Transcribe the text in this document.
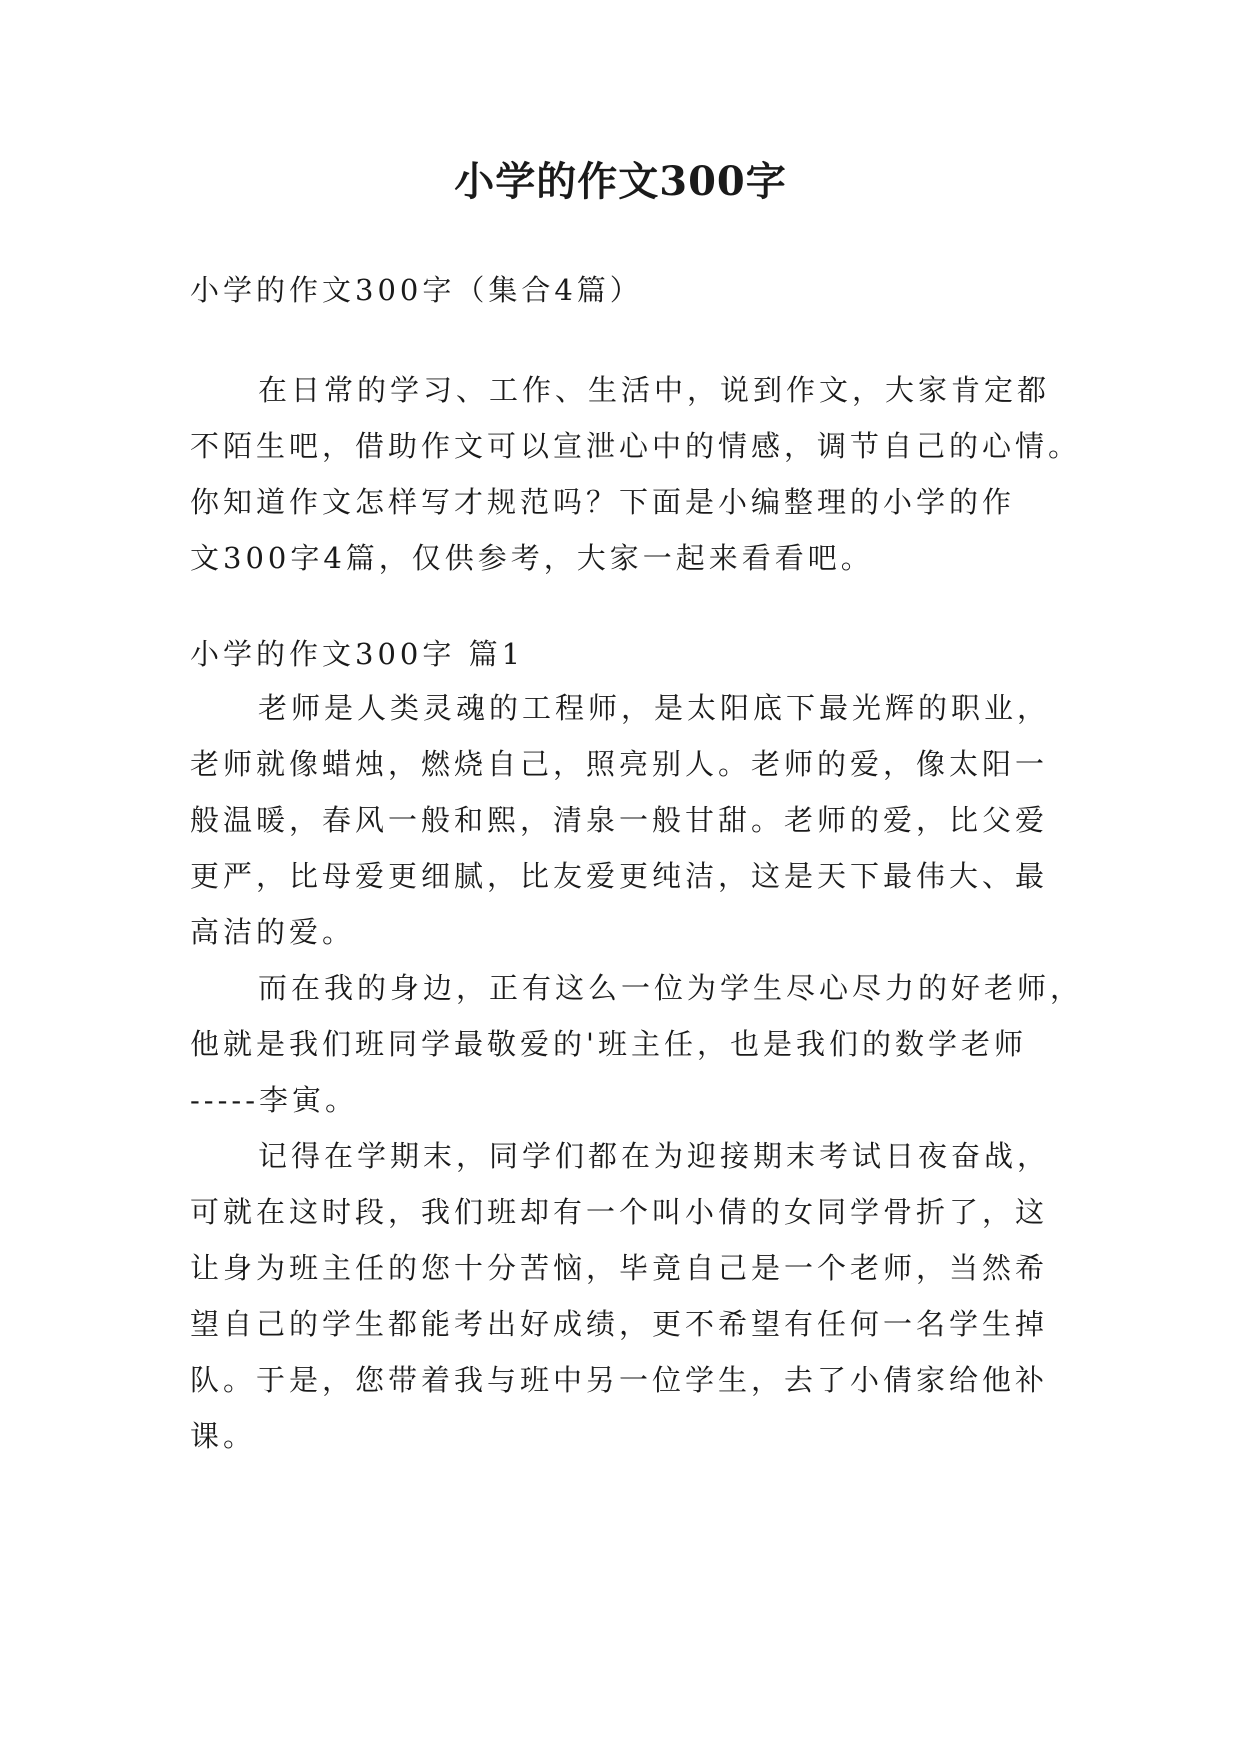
小学的作文300字

小学的作文300字（集合4篇）

在日常的学习、工作、生活中，说到作文，大家肯定都

不陌生吧，借助作文可以宣泄心中的情感，调节自己的心情。

你知道作文怎样写才规范吗？下面是小编整理的小学的作

文300字4篇，仅供参考，大家一起来看看吧。

小学的作文300字 篇1

老师是人类灵魂的工程师，是太阳底下最光辉的职业，

老师就像蜡烛，燃烧自己，照亮别人。老师的爱，像太阳一

般温暖，春风一般和熙，清泉一般甘甜。老师的爱，比父爱

更严，比母爱更细腻，比友爱更纯洁，这是天下最伟大、最

高洁的爱。

而在我的身边，正有这么一位为学生尽心尽力的好老师，

他就是我们班同学最敬爱的'班主任，也是我们的数学老师

-----李寅。

记得在学期末，同学们都在为迎接期末考试日夜奋战，

可就在这时段，我们班却有一个叫小倩的女同学骨折了，这

让身为班主任的您十分苦恼，毕竟自己是一个老师，当然希

望自己的学生都能考出好成绩，更不希望有任何一名学生掉

队。于是，您带着我与班中另一位学生，去了小倩家给他补

课。
